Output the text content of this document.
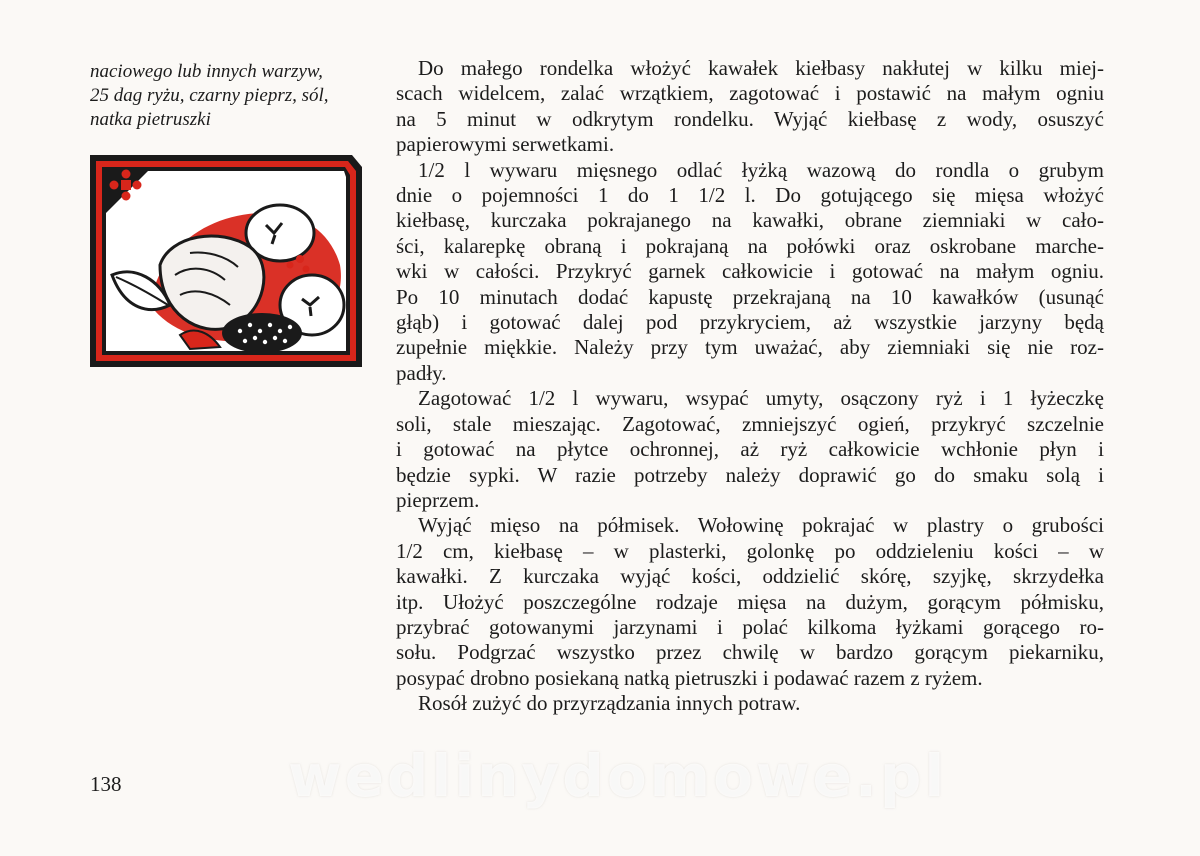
naciowego lub innych warzyw,
25 dag ryżu, czarny pieprz, sól,
natka pietruszki
Do małego rondelka włożyć kawałek kiełbasy nakłutej w kilku miej-
scach widelcem, zalać wrzątkiem, zagotować i postawić na małym ogniu
na 5 minut w odkrytym rondelku. Wyjąć kiełbasę z wody, osuszyć
papierowymi serwetkami.
1/2 l wywaru mięsnego odlać łyżką wazową do rondla o grubym
dnie o pojemności 1 do 1 1/2 l. Do gotującego się mięsa włożyć
kiełbasę, kurczaka pokrajanego na kawałki, obrane ziemniaki w cało-
ści, kalarepkę obraną i pokrajaną na połówki oraz oskrobane marche-
wki w całości. Przykryć garnek całkowicie i gotować na małym ogniu.
Po 10 minutach dodać kapustę przekrajaną na 10 kawałków (usunąć
głąb) i gotować dalej pod przykryciem, aż wszystkie jarzyny będą
zupełnie miękkie. Należy przy tym uważać, aby ziemniaki się nie roz-
padły.
Zagotować 1/2 l wywaru, wsypać umyty, osączony ryż i 1 łyżeczkę
soli, stale mieszając. Zagotować, zmniejszyć ogień, przykryć szczelnie
i gotować na płytce ochronnej, aż ryż całkowicie wchłonie płyn i
będzie sypki. W razie potrzeby należy doprawić go do smaku solą i
pieprzem.
Wyjąć mięso na półmisek. Wołowinę pokrajać w plastry o grubości
1/2 cm, kiełbasę – w plasterki, golonkę po oddzieleniu kości – w
kawałki. Z kurczaka wyjąć kości, oddzielić skórę, szyjkę, skrzydełka
itp. Ułożyć poszczególne rodzaje mięsa na dużym, gorącym półmisku,
przybrać gotowanymi jarzynami i polać kilkoma łyżkami gorącego ro-
sołu. Podgrzać wszystko przez chwilę w bardzo gorącym piekarniku,
posypać drobno posiekaną natką pietruszki i podawać razem z ryżem.
Rosół zużyć do przyrządzania innych potraw.
138	wedlinydomowe.pl
